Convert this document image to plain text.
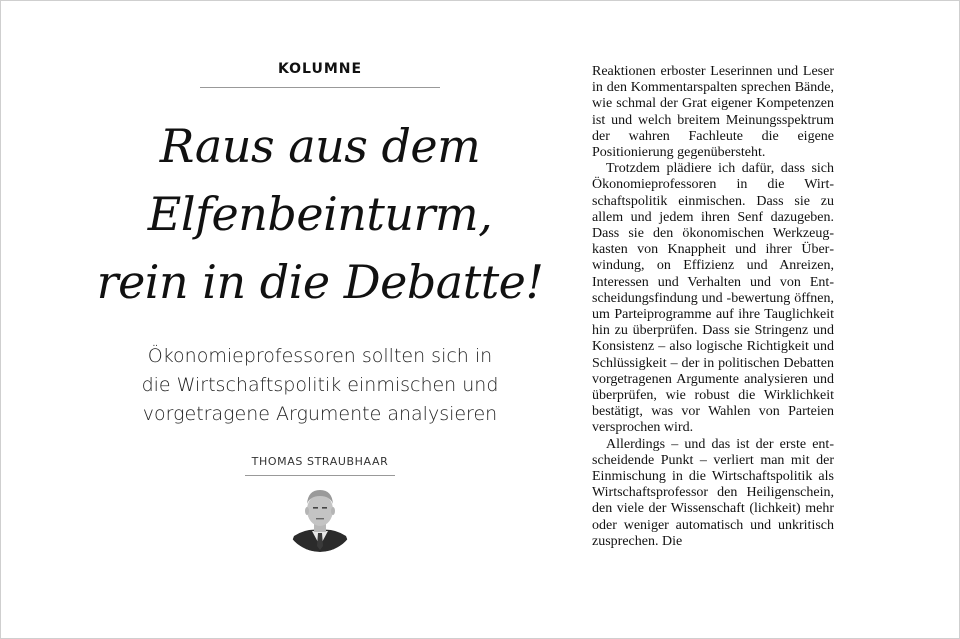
KOLUMNE
Raus aus dem
Elfenbeinturm,
rein in die Debatte!
Ökonomieprofessoren sollten sich in
die Wirtschaftspolitik einmischen und
vorgetragene Argumente analysieren
THOMAS STRAUBHAAR

Reaktionen erboster Leserinnen und Leser in den Kommentarspalten sprechen Bände, wie schmal der Grat eigener Kompetenzen ist und welch breitem Meinungsspektrum der wahren Fachleute die eigene Positionierung gegenübersteht.

Trotzdem plädiere ich dafür, dass sich Ökonomieprofessoren in die Wirtschaftspolitik einmischen. Dass sie zu allem und jedem ihren Senf dazugeben. Dass sie den ökonomischen Werkzeugkasten von Knappheit und ihrer Überwindung, on Effizienz und Anreizen, Interessen und Verhalten und von Entscheidungsfindung und -bewertung öffnen, um Parteiprogramme auf ihre Tauglichkeit hin zu überprüfen. Dass sie Stringenz und Konsistenz – also logische Richtigkeit und Schlüssigkeit – der in politischen Debatten vorgetragenen Argumente analysieren und überprüfen, wie robust die Wirklichkeit bestätigt, was vor Wahlen von Parteien versprochen wird.

Allerdings – und das ist der erste entscheidende Punkt – verliert man mit der Einmischung in die Wirtschaftspolitik als Wirtschaftsprofessor den Heiligenschein, den viele der Wissenschaft (lichkeit) mehr oder weniger automatisch und unkritisch zusprechen. Die
